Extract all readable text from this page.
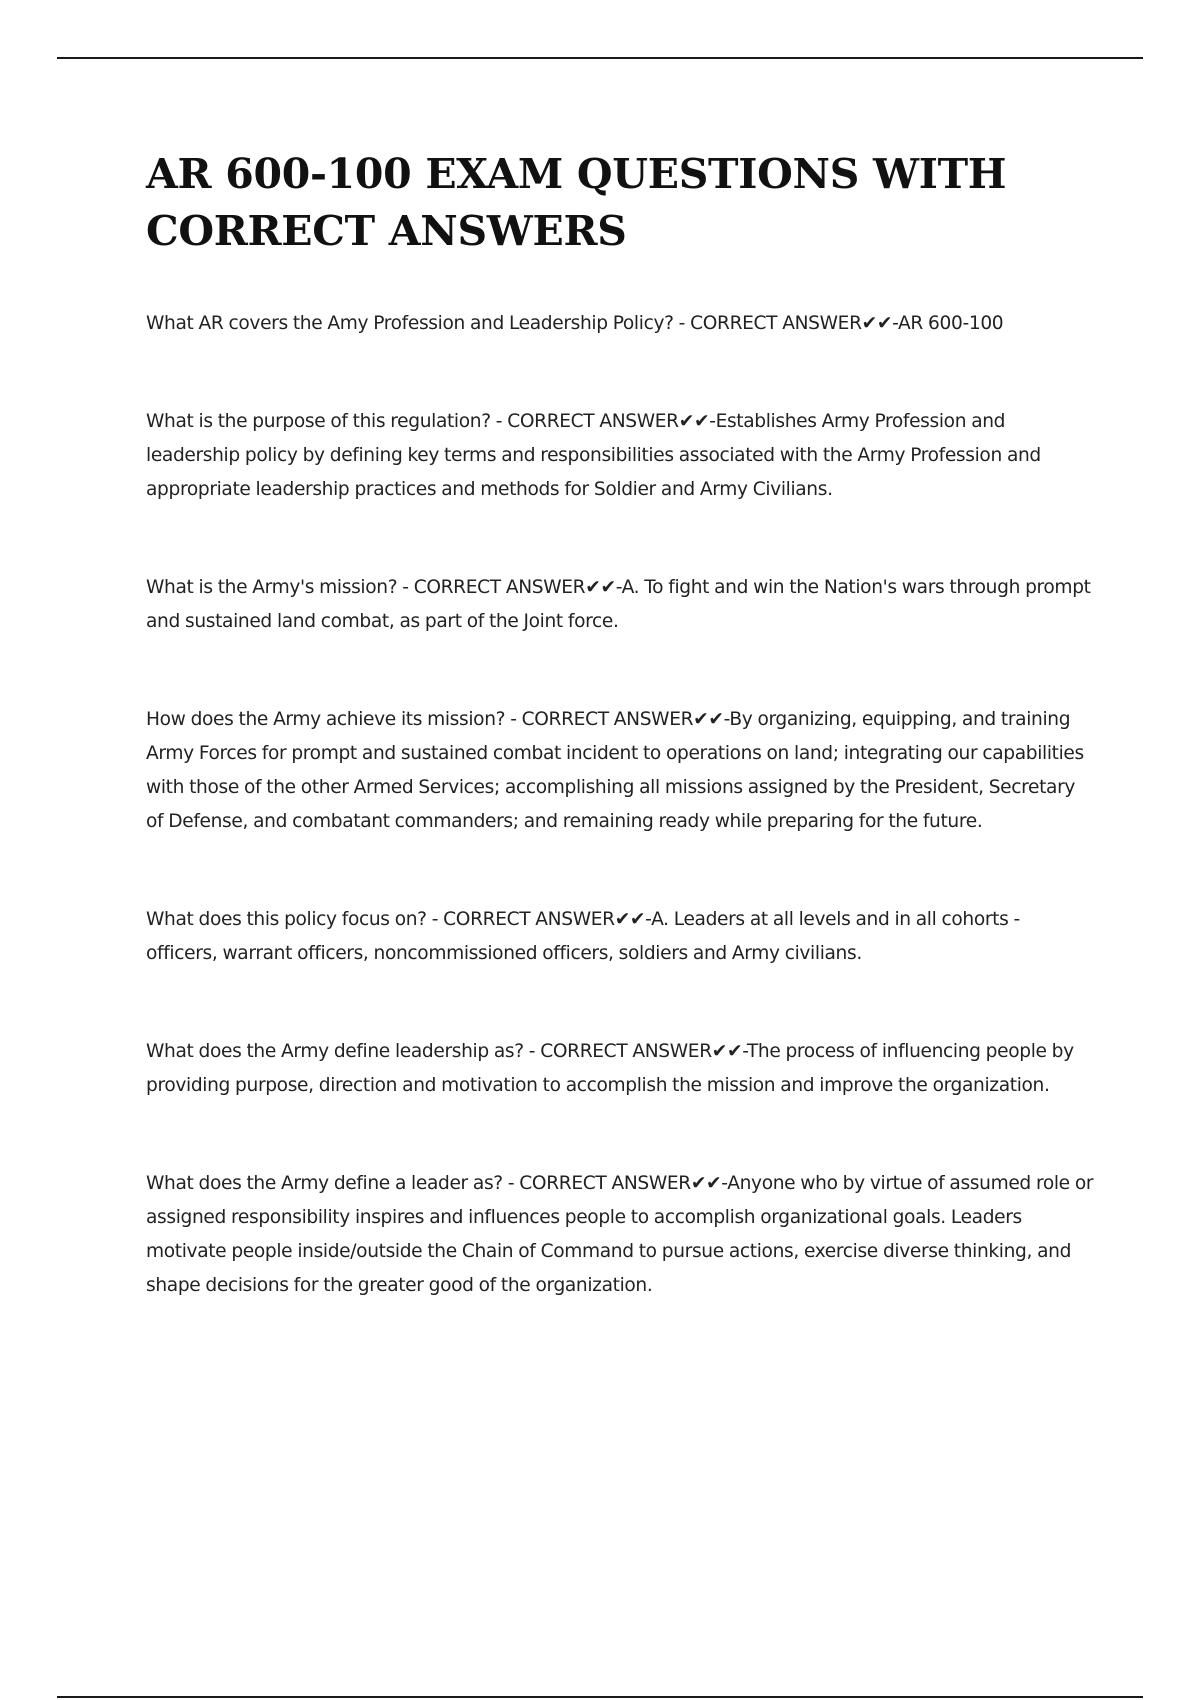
AR 600-100 EXAM QUESTIONS WITH CORRECT ANSWERS

What AR covers the Amy Profession and Leadership Policy? - CORRECT ANSWER✔✔-AR 600-100

What is the purpose of this regulation? - CORRECT ANSWER✔✔-Establishes Army Profession and leadership policy by defining key terms and responsibilities associated with the Army Profession and appropriate leadership practices and methods for Soldier and Army Civilians.

What is the Army's mission? - CORRECT ANSWER✔✔-A. To fight and win the Nation's wars through prompt and sustained land combat, as part of the Joint force.

How does the Army achieve its mission? - CORRECT ANSWER✔✔-By organizing, equipping, and training Army Forces for prompt and sustained combat incident to operations on land; integrating our capabilities with those of the other Armed Services; accomplishing all missions assigned by the President, Secretary of Defense, and combatant commanders; and remaining ready while preparing for the future.

What does this policy focus on? - CORRECT ANSWER✔✔-A. Leaders at all levels and in all cohorts - officers, warrant officers, noncommissioned officers, soldiers and Army civilians.

What does the Army define leadership as? - CORRECT ANSWER✔✔-The process of influencing people by providing purpose, direction and motivation to accomplish the mission and improve the organization.

What does the Army define a leader as? - CORRECT ANSWER✔✔-Anyone who by virtue of assumed role or assigned responsibility inspires and influences people to accomplish organizational goals. Leaders motivate people inside/outside the Chain of Command to pursue actions, exercise diverse thinking, and shape decisions for the greater good of the organization.
